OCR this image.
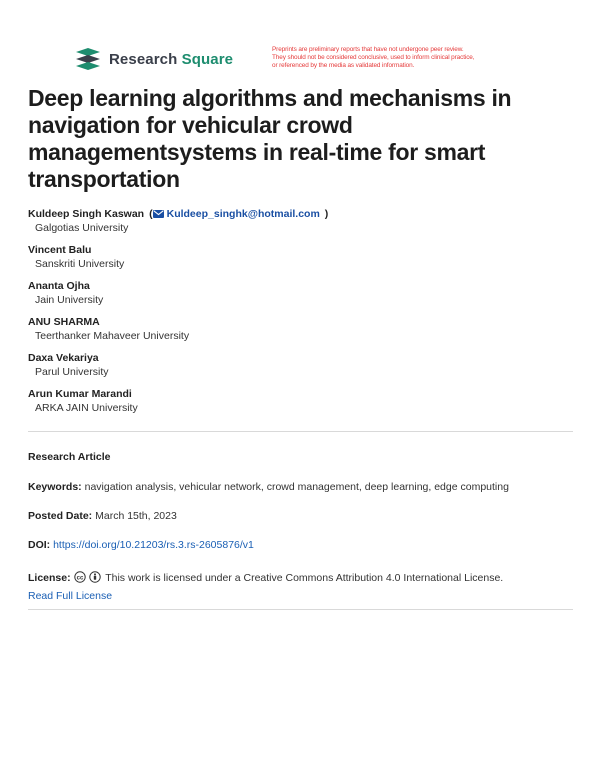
Research Square
Preprints are preliminary reports that have not undergone peer review.
They should not be considered conclusive, used to inform clinical practice,
or referenced by the media as validated information.
Deep learning algorithms and mechanisms in navigation for vehicular crowd managementsystems in real-time for smart transportation
Kuldeep Singh Kaswan ( Kuldeep_singhk@hotmail.com )
Galgotias University
Vincent Balu
Sanskriti University
Ananta Ojha
Jain University
ANU SHARMA
Teerthanker Mahaveer University
Daxa Vekariya
Parul University
Arun Kumar Marandi
ARKA JAIN University
Research Article
Keywords: navigation analysis, vehicular network, crowd management, deep learning, edge computing
Posted Date: March 15th, 2023
DOI: https://doi.org/10.21203/rs.3.rs-2605876/v1
License: cc This work is licensed under a Creative Commons Attribution 4.0 International License.
Read Full License
